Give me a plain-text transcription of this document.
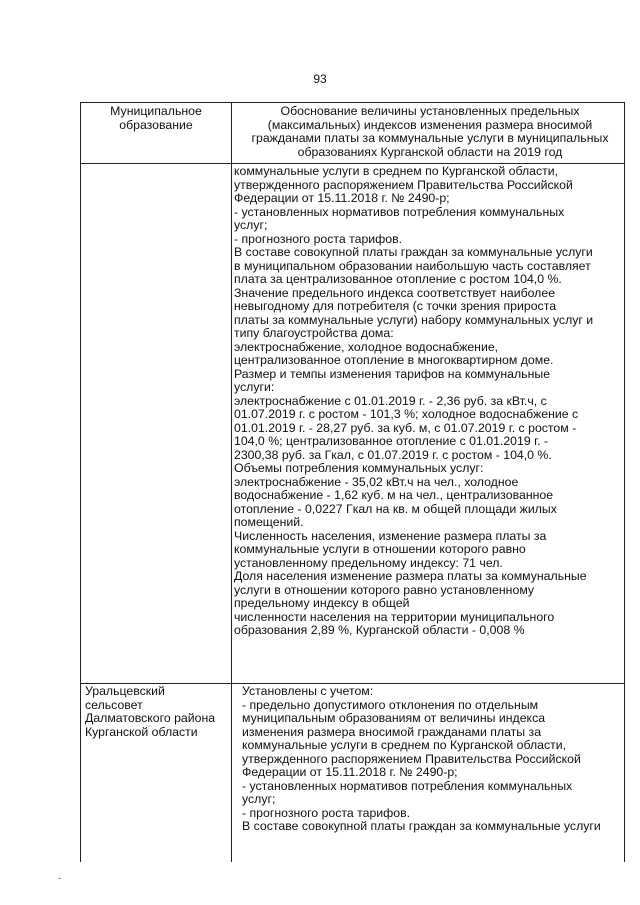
93
Муниципальное
образование
Обоснование величины установленных предельных
(максимальных) индексов изменения размера вносимой
гражданами платы за коммунальные услуги в муниципальных
образованиях Курганской области на 2019 год
коммунальные услуги в среднем по Курганской области,
утвержденного распоряжением Правительства Российской
Федерации от 15.11.2018 г. № 2490-р;
- установленных нормативов потребления коммунальных
услуг;
- прогнозного роста тарифов.
В составе совокупной платы граждан за коммунальные услуги
в муниципальном образовании наибольшую часть составляет
плата за централизованное отопление с ростом 104,0 %.
Значение предельного индекса соответствует наиболее
невыгодному для потребителя (с точки зрения прироста
платы за коммунальные услуги) набору коммунальных услуг и
типу благоустройства дома:
электроснабжение, холодное водоснабжение,
централизованное отопление в многоквартирном доме.
Размер и темпы изменения тарифов на коммунальные
услуги:
электроснабжение с 01.01.2019 г. - 2,36 руб. за кВт.ч, с
01.07.2019 г. с ростом - 101,3 %; холодное водоснабжение с
01.01.2019 г. - 28,27 руб. за куб. м, с 01.07.2019 г. с ростом -
104,0 %; централизованное отопление с 01.01.2019 г. -
2300,38 руб. за Гкал, с 01.07.2019 г. с ростом - 104,0 %.
Объемы потребления коммунальных услуг:
электроснабжение - 35,02 кВт.ч на чел., холодное
водоснабжение - 1,62 куб. м на чел., централизованное
отопление - 0,0227 Гкал на кв. м общей площади жилых
помещений.
Численность населения, изменение размера платы за
коммунальные услуги в отношении которого равно
установленному предельному индексу: 71 чел.
Доля населения изменение размера платы за коммунальные
услуги в отношении которого равно установленному
предельному индексу в общей
численности населения на территории муниципального
образования 2,89 %, Курганской области - 0,008 %
Уральцевский
сельсовет
Далматовского района
Курганской области
Установлены с учетом:
- предельно допустимого отклонения по отдельным
муниципальным образованиям от величины индекса
изменения размера вносимой гражданами платы за
коммунальные услуги в среднем по Курганской области,
утвержденного распоряжением Правительства Российской
Федерации от 15.11.2018 г. № 2490-р;
- установленных нормативов потребления коммунальных
услуг;
- прогнозного роста тарифов.
В составе совокупной платы граждан за коммунальные услуги
